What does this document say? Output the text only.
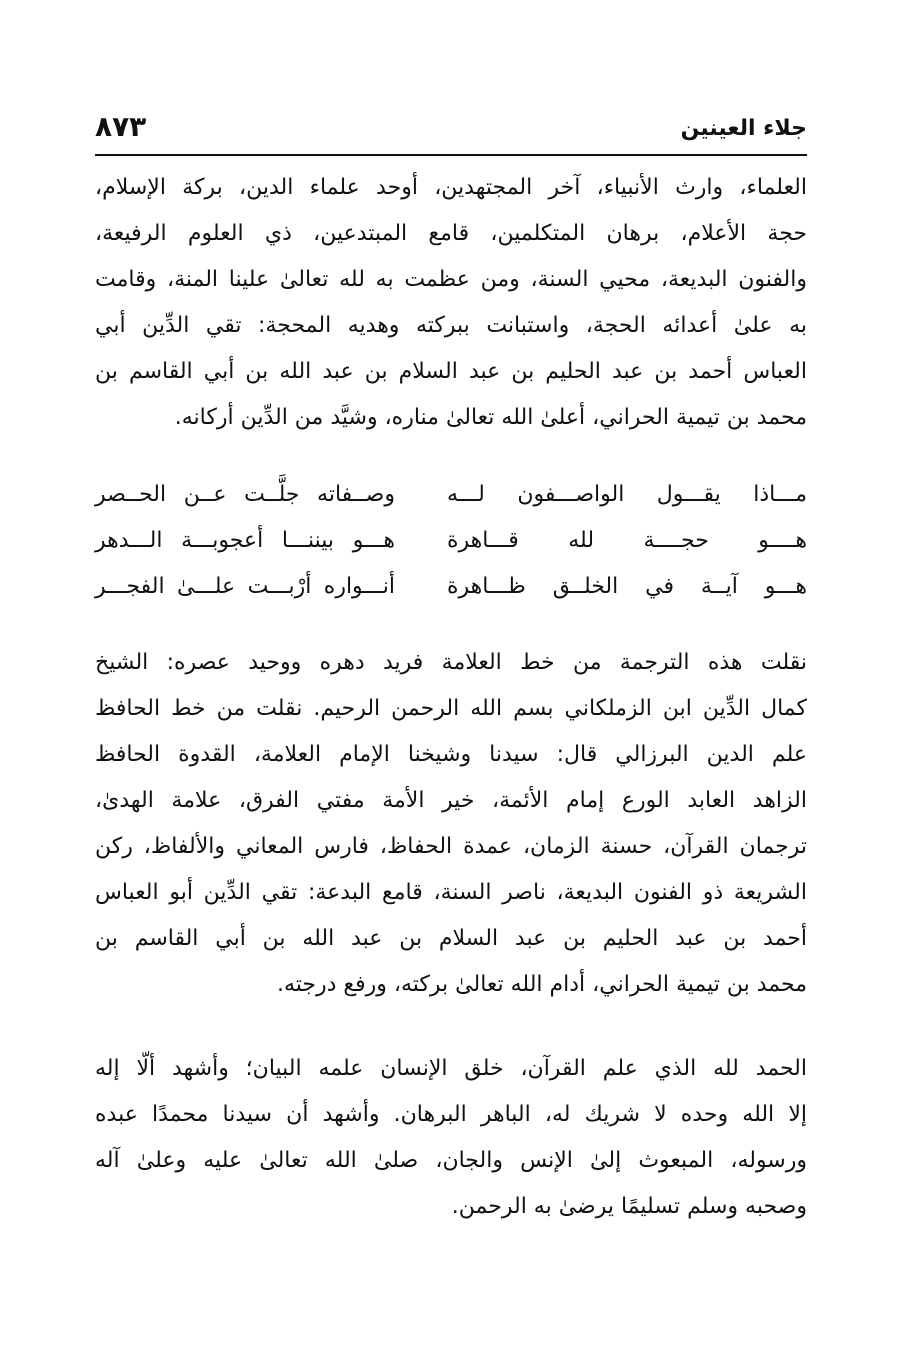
جلاء العينين
٨٧٣
العلماء، وارث الأنبياء، آخر المجتهدين، أوحد علماء الدين، بركة الإسلام،
حجة الأعلام، برهان المتكلمين، قامع المبتدعين، ذي العلوم الرفيعة،
والفنون البديعة، محيي السنة، ومن عظمت به لله تعالىٰ علينا المنة، وقامت
به علىٰ أعدائه الحجة، واستبانت ببركته وهديه المحجة: تقي الدِّين أبي
العباس أحمد بن عبد الحليم بن عبد السلام بن عبد الله بن أبي القاسم بن
محمد بن تيمية الحراني، أعلىٰ الله تعالىٰ مناره، وشيَّد من الدِّين أركانه.
مـــاذا يقـــول الواصـــفون لـــه
وصــفاته جلَّــت عــن الحــصر
هــــو حجــــة لله قـــاهرة
هـــو بيننـــا أعجوبـــة الـــدهر
هـــو آيــة في الخلــق ظـــاهرة
أنـــواره أرْبـــت علـــىٰ الفجـــر
نقلت هذه الترجمة من خط العلامة فريد دهره ووحيد عصره: الشيخ
كمال الدِّين ابن الزملكاني بسم الله الرحمن الرحيم. نقلت من خط الحافظ
علم الدين البرزالي قال: سيدنا وشيخنا الإمام العلامة، القدوة الحافظ
الزاهد العابد الورع إمام الأئمة، خير الأمة مفتي الفرق، علامة الهدىٰ،
ترجمان القرآن، حسنة الزمان، عمدة الحفاظ، فارس المعاني والألفاظ، ركن
الشريعة ذو الفنون البديعة، ناصر السنة، قامع البدعة: تقي الدِّين أبو العباس
أحمد بن عبد الحليم بن عبد السلام بن عبد الله بن أبي القاسم بن
محمد بن تيمية الحراني، أدام الله تعالىٰ بركته، ورفع درجته.
الحمد لله الذي علم القرآن، خلق الإنسان علمه البيان؛ وأشهد ألّا إله
إلا الله وحده لا شريك له، الباهر البرهان. وأشهد أن سيدنا محمدًا عبده
ورسوله، المبعوث إلىٰ الإنس والجان، صلىٰ الله تعالىٰ عليه وعلىٰ آله
وصحبه وسلم تسليمًا يرضىٰ به الرحمن.
